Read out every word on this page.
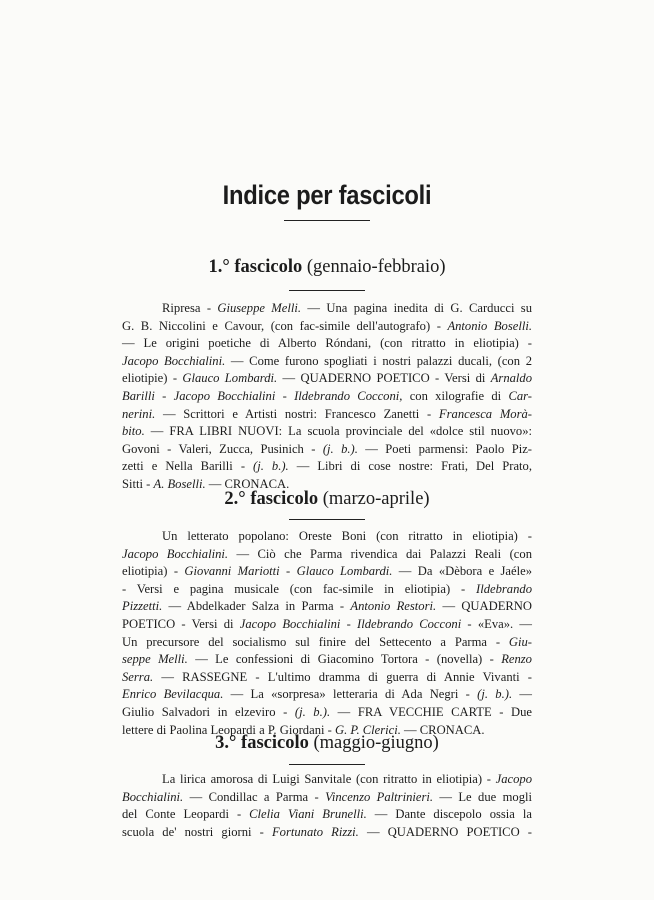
Indice per fascicoli
1.° fascicolo (gennaio-febbraio)
Ripresa - Giuseppe Melli. — Una pagina inedita di G. Carducci su
G. B. Niccolini e Cavour, (con fac-simile dell'autografo) - Antonio Boselli.
— Le origini poetiche di Alberto Róndani, (con ritratto in eliotipia) -
Jacopo Bocchialini. — Come furono spogliati i nostri palazzi ducali, (con 2
eliotipie) - Glauco Lombardi. — QUADERNO POETICO - Versi di Arnaldo
Barilli - Jacopo Bocchialini - Ildebrando Cocconi, con xilografie di Car-
nerini. — Scrittori e Artisti nostri: Francesco Zanetti - Francesca Morà-
bito. — FRA LIBRI NUOVI: La scuola provinciale del «dolce stil nuovo»:
Govoni - Valeri, Zucca, Pusinich - (j. b.). — Poeti parmensi: Paolo Piz-
zetti e Nella Barilli - (j. b.). — Libri di cose nostre: Frati, Del Prato,
Sitti - A. Boselli. — CRONACA.
2.° fascicolo (marzo-aprile)
Un letterato popolano: Oreste Boni (con ritratto in eliotipia) -
Jacopo Bocchialini. — Ciò che Parma rivendica dai Palazzi Reali (con
eliotipia) - Giovanni Mariotti - Glauco Lombardi. — Da «Dèbora e Jaéle»
- Versi e pagina musicale (con fac-simile in eliotipia) - Ildebrando
Pizzetti. — Abdelkader Salza in Parma - Antonio Restori. — QUADERNO
POETICO - Versi di Jacopo Bocchialini - Ildebrando Cocconi - «Eva». —
Un precursore del socialismo sul finire del Settecento a Parma - Giu-
seppe Melli. — Le confessioni di Giacomino Tortora - (novella) - Renzo
Serra. — RASSEGNE - L'ultimo dramma di guerra di Annie Vivanti -
Enrico Bevilacqua. — La «sorpresa» letteraria di Ada Negri - (j. b.). —
Giulio Salvadori in elzeviro - (j. b.). — FRA VECCHIE CARTE - Due
lettere di Paolina Leopardi a P. Giordani - G. P. Clerici. — CRONACA.
3.° fascicolo (maggio-giugno)
La lirica amorosa di Luigi Sanvitale (con ritratto in eliotipia) - Jacopo
Bocchialini. — Condillac a Parma - Vincenzo Paltrinieri. — Le due mogli
del Conte Leopardi - Clelia Viani Brunelli. — Dante discepolo ossia la
scuola de' nostri giorni - Fortunato Rizzi. — QUADERNO POETICO -
